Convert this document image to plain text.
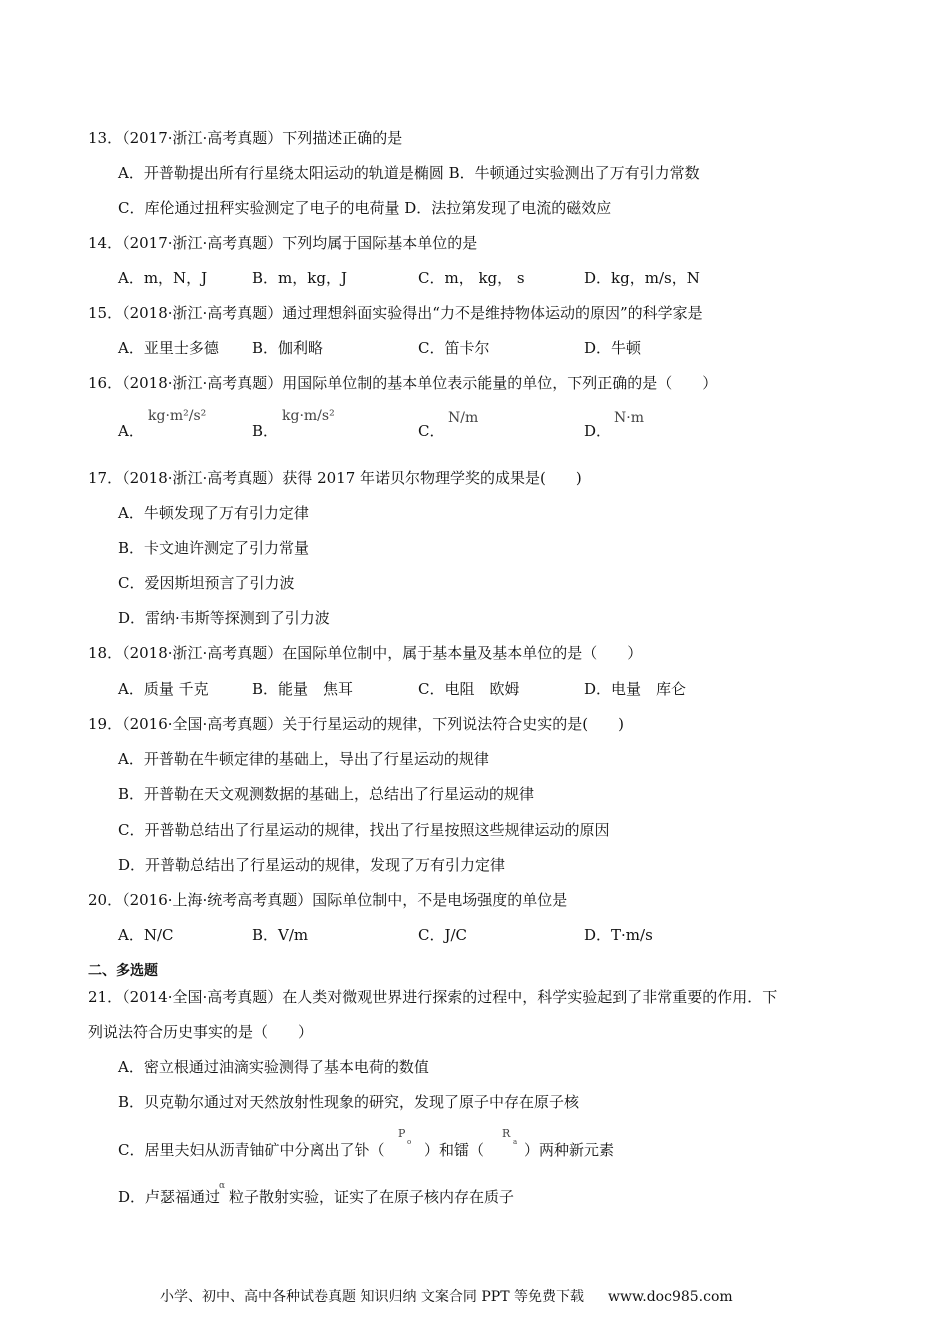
13．（2017·浙江·高考真题）下列描述正确的是
A．开普勒提出所有行星绕太阳运动的轨道是椭圆 B．牛顿通过实验测出了万有引力常数
C．库伦通过扭秤实验测定了电子的电荷量 D．法拉第发现了电流的磁效应
14．（2017·浙江·高考真题）下列均属于国际基本单位的是
A．m，N，J	B．m，kg，J	C．m， kg， s	D．kg，m/s，N
15．（2018·浙江·高考真题）通过理想斜面实验得出“力不是维持物体运动的原因”的科学家是
A．亚里士多德 B．伽利略	C．笛卡尔	D．牛顿
16．（2018·浙江·高考真题）用国际单位制的基本单位表示能量的单位，下列正确的是（　　）
A．
kg·m²/s²
B．
kg·m/s²
C．
N/m
D．
N·m
17．（2018·浙江·高考真题）获得 2017 年诺贝尔物理学奖的成果是(　　)
A．牛顿发现了万有引力定律
B．卡文迪许测定了引力常量
C．爱因斯坦预言了引力波
D．雷纳·韦斯等探测到了引力波
18．（2018·浙江·高考真题）在国际单位制中，属于基本量及基本单位的是（　　）
A．质量 千克	B．能量　焦耳	C．电阻　欧姆	D．电量　库仑
19．（2016·全国·高考真题）关于行星运动的规律，下列说法符合史实的是(　　)
A．开普勒在牛顿定律的基础上，导出了行星运动的规律
B．开普勒在天文观测数据的基础上，总结出了行星运动的规律
C．开普勒总结出了行星运动的规律，找出了行星按照这些规律运动的原因
D．开普勒总结出了行星运动的规律，发现了万有引力定律
20．（2016·上海·统考高考真题）国际单位制中，不是电场强度的单位是
A．N/C	B．V/m	C．J/C	D．T·m/s
二、多选题
21．（2014·全国·高考真题）在人类对微观世界进行探索的过程中，科学实验起到了非常重要的作用．下
列说法符合历史事实的是（　　）
A．密立根通过油滴实验测得了基本电荷的数值
B．贝克勒尔通过对天然放射性现象的研究，发现了原子中存在原子核
C．居里夫妇从沥青铀矿中分离出了钋（
P
o ）和镭（
R
a ）两种新元素
D．卢瑟福通过
α
粒子散射实验，证实了在原子核内存在质子
小学、初中、高中各种试卷真题 知识归纳 文案合同 PPT 等免费下载 www.doc985.com
